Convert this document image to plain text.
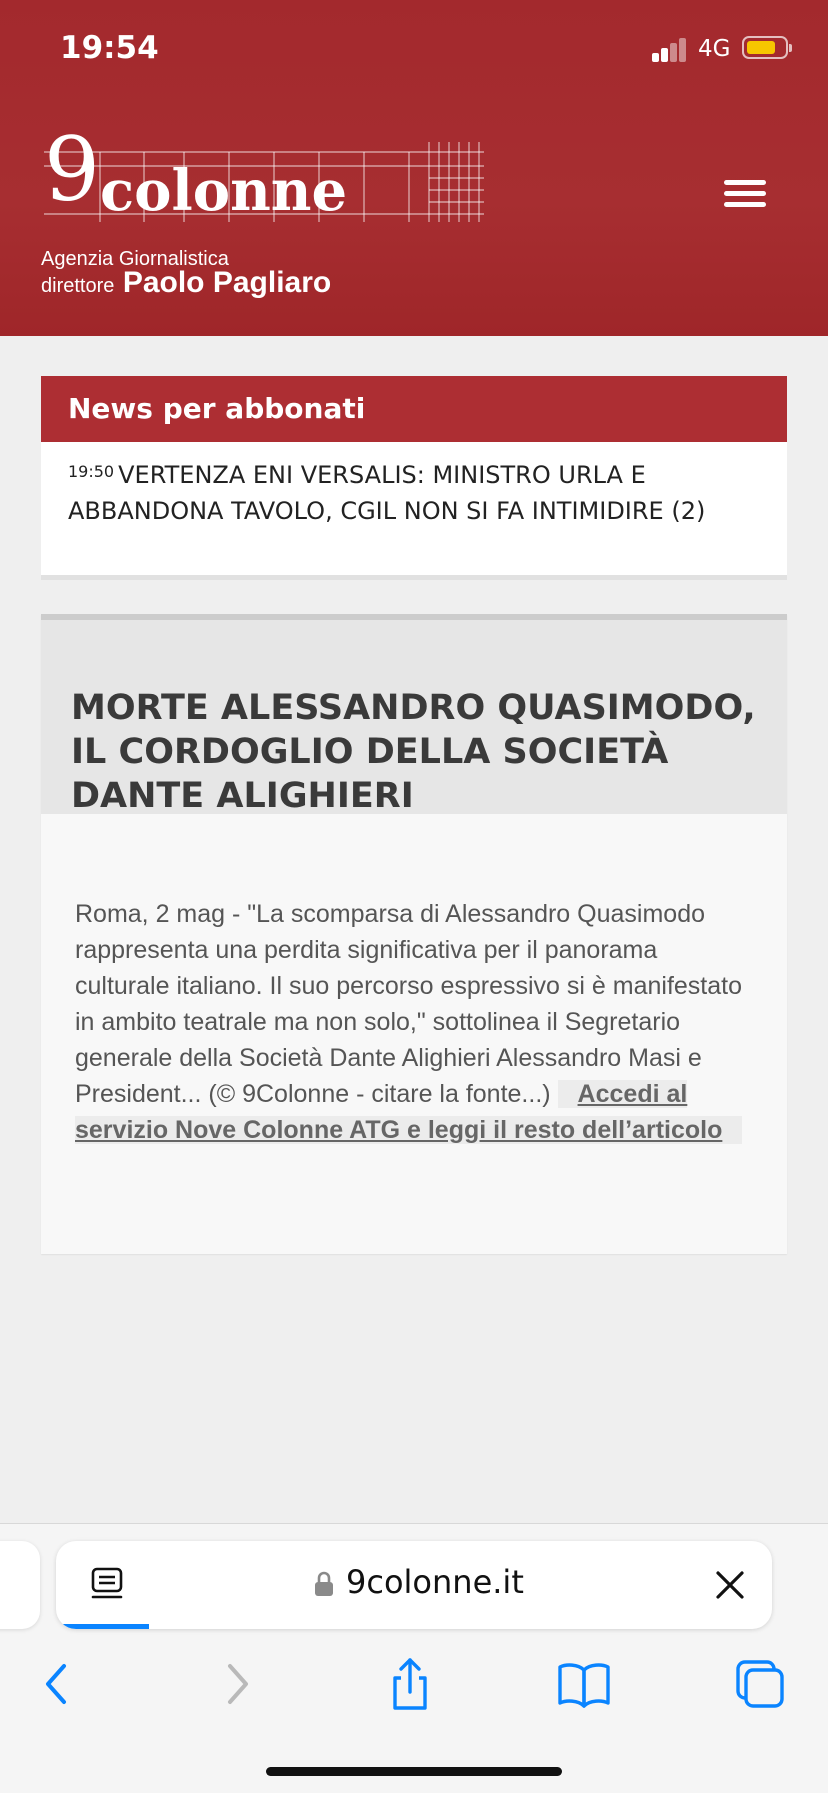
19:54	4G
9 colonne
Agenzia Giornalistica
direttore Paolo Pagliaro
News per abbonati
$^{19:50}$ VERTENZA ENI VERSALIS: MINISTRO URLA E ABBANDONA TAVOLO, CGIL NON SI FA INTIMIDIRE (2)
MORTE ALESSANDRO QUASIMODO, IL CORDOGLIO DELLA SOCIETÀ DANTE ALIGHIERI
Roma, 2 mag - "La scomparsa di Alessandro Quasimodo rappresenta una perdita significativa per il panorama culturale italiano. Il suo percorso espressivo si è manifestato in ambito teatrale ma non solo," sottolinea il Segretario generale della Società Dante Alighieri Alessandro Masi e President... (© 9Colonne - citare la fonte...) Accedi al servizio Nove Colonne ATG e leggi il resto dell’articolo
9colonne.it
